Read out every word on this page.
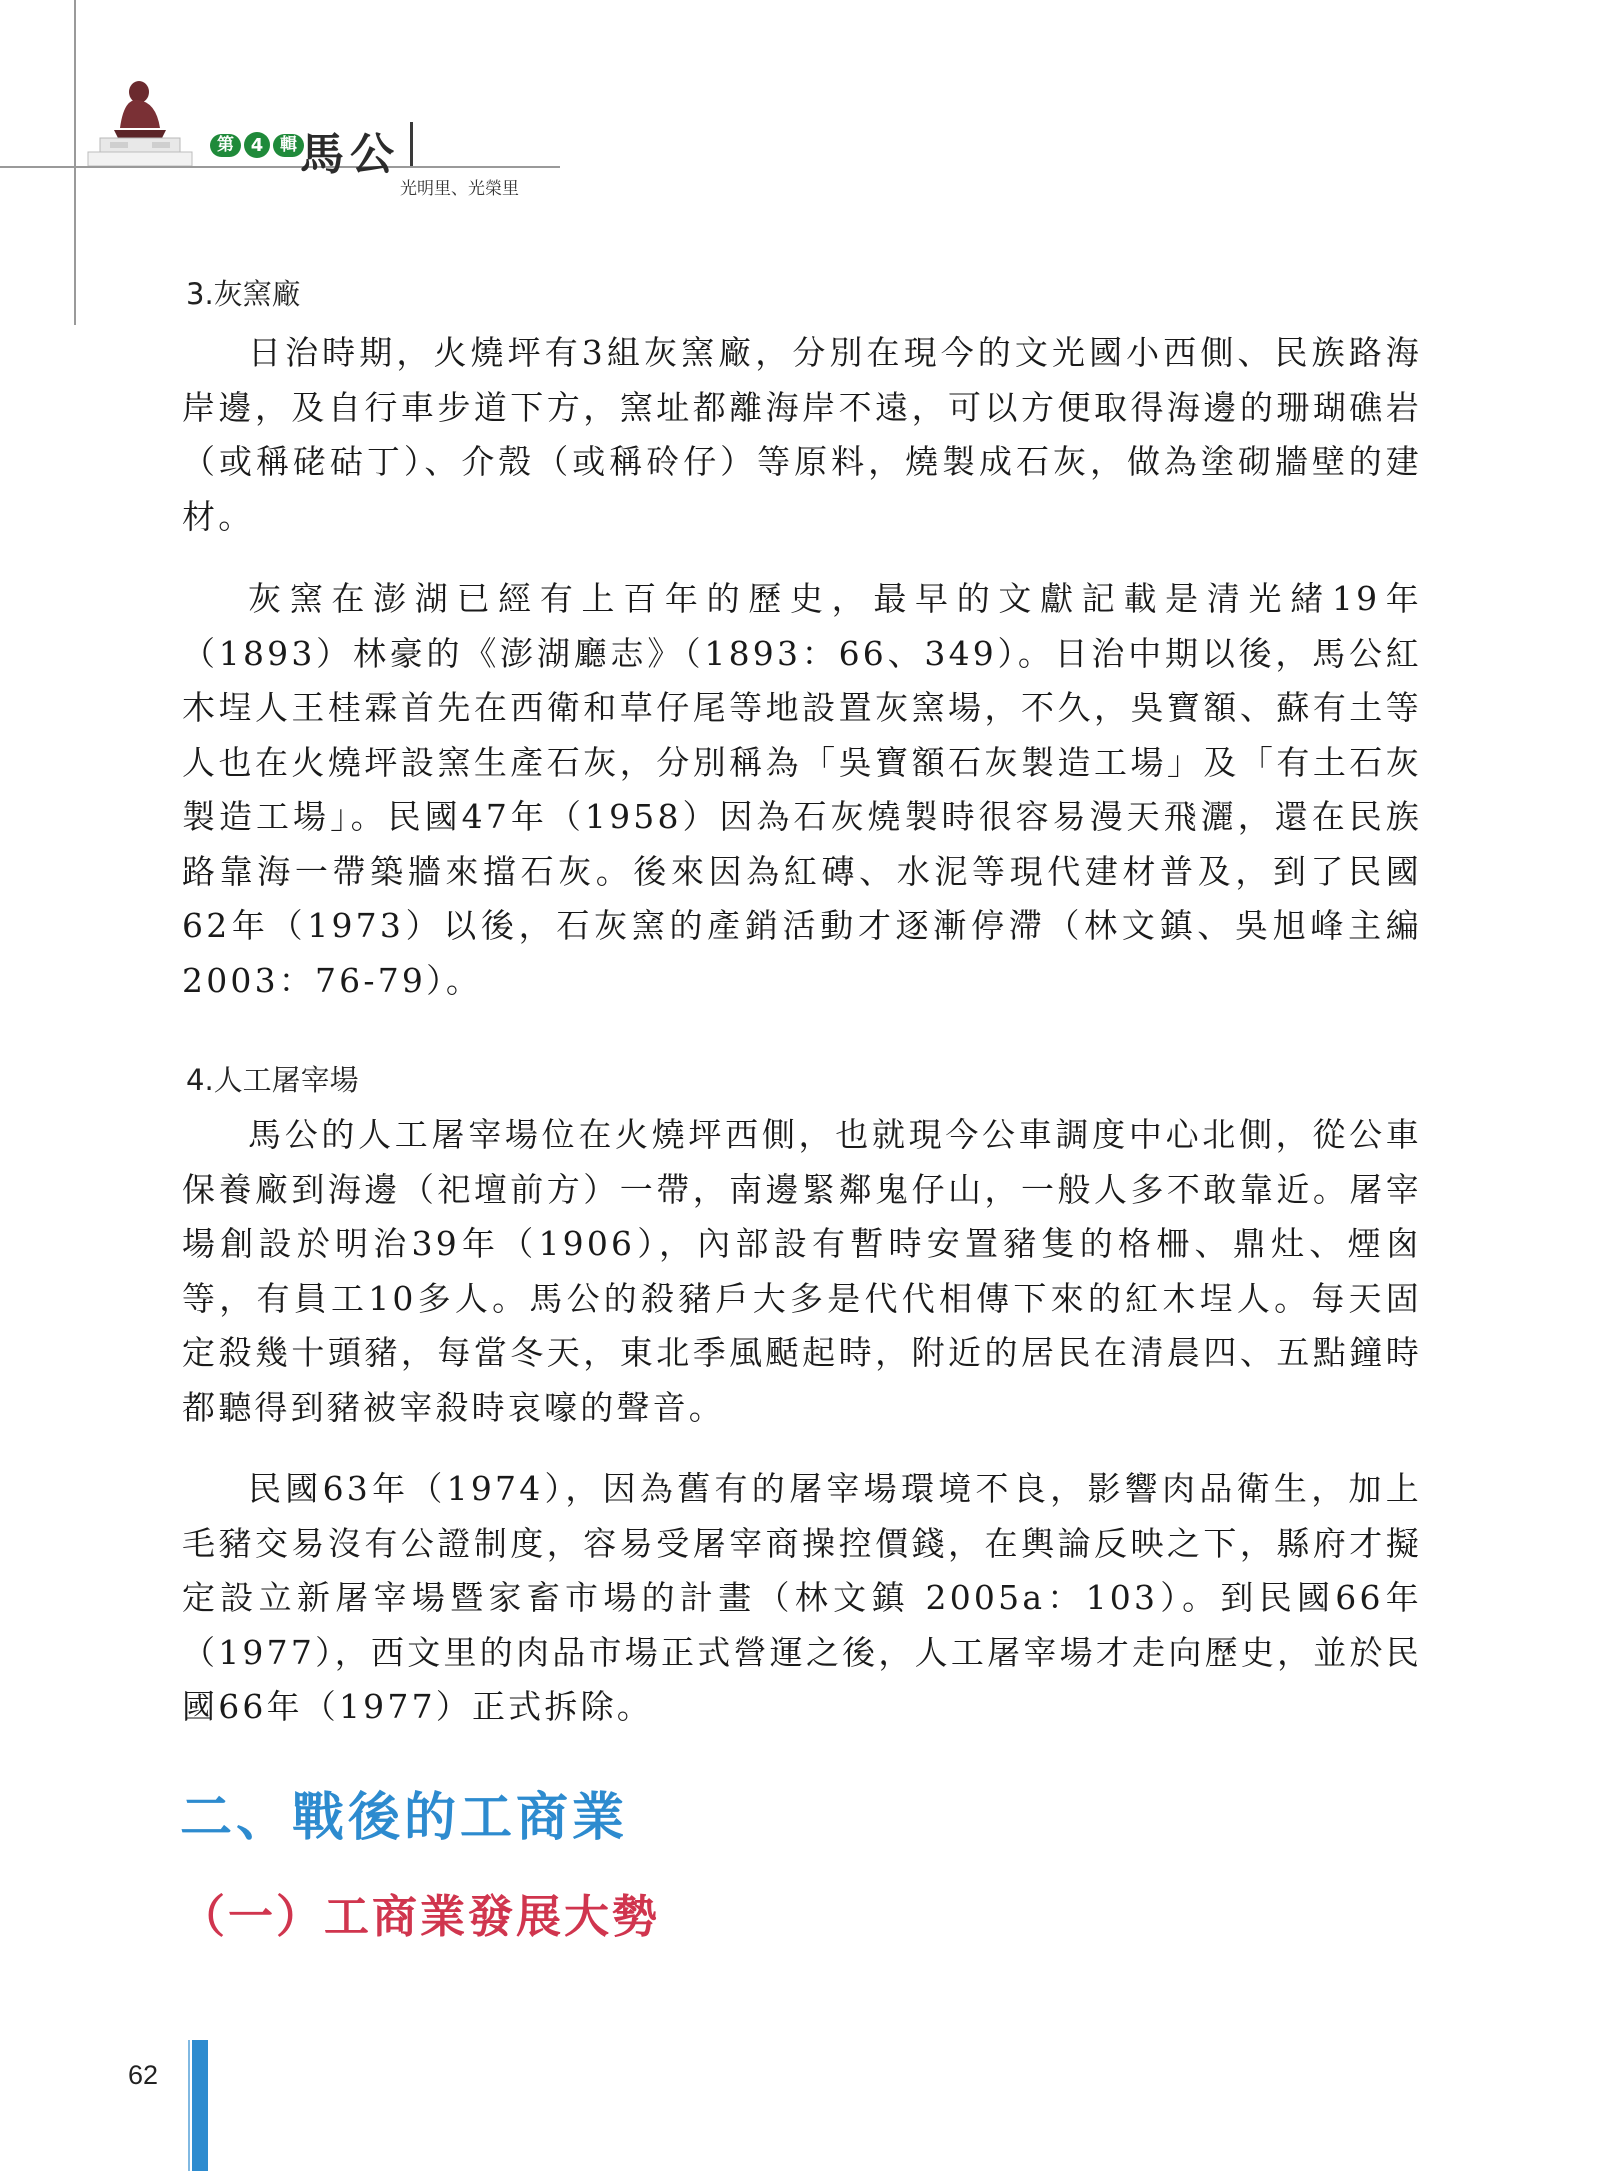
第 4 輯 馬公
光明里、光榮里
3.灰窯廠

日治時期，火燒坪有3組灰窯廠，分別在現今的文光國小西側、民族路海岸邊，及自行車步道下方，窯址都離海岸不遠，可以方便取得海邊的珊瑚礁岩（或稱硓𥑮丁）、介殼（或稱砱仔）等原料，燒製成石灰，做為塗砌牆壁的建材。

灰窯在澎湖已經有上百年的歷史，最早的文獻記載是清光緒19年（1893）林豪的《澎湖廳志》（1893：66、349）。日治中期以後，馬公紅木埕人王桂霖首先在西衛和草仔尾等地設置灰窯場，不久，吳寶額、蘇有土等人也在火燒坪設窯生產石灰，分別稱為「吳寶額石灰製造工場」及「有土石灰製造工場」。民國47年（1958）因為石灰燒製時很容易漫天飛灑，還在民族路靠海一帶築牆來擋石灰。後來因為紅磚、水泥等現代建材普及，到了民國62年（1973）以後，石灰窯的產銷活動才逐漸停滯（林文鎮、吳旭峰主編 2003：76-79）。

4.人工屠宰場

馬公的人工屠宰場位在火燒坪西側，也就現今公車調度中心北側，從公車保養廠到海邊（祀壇前方）一帶，南邊緊鄰鬼仔山，一般人多不敢靠近。屠宰場創設於明治39年（1906），內部設有暫時安置豬隻的格柵、鼎灶、煙囪等，有員工10多人。馬公的殺豬戶大多是代代相傳下來的紅木埕人。每天固定殺幾十頭豬，每當冬天，東北季風颳起時，附近的居民在清晨四、五點鐘時都聽得到豬被宰殺時哀嚎的聲音。

民國63年（1974），因為舊有的屠宰場環境不良，影響肉品衛生，加上毛豬交易沒有公證制度，容易受屠宰商操控價錢，在輿論反映之下，縣府才擬定設立新屠宰場暨家畜市場的計畫（林文鎮 2005a：103）。到民國66年（1977），西文里的肉品市場正式營運之後，人工屠宰場才走向歷史，並於民國66年（1977）正式拆除。

二、戰後的工商業
（一）工商業發展大勢
62
